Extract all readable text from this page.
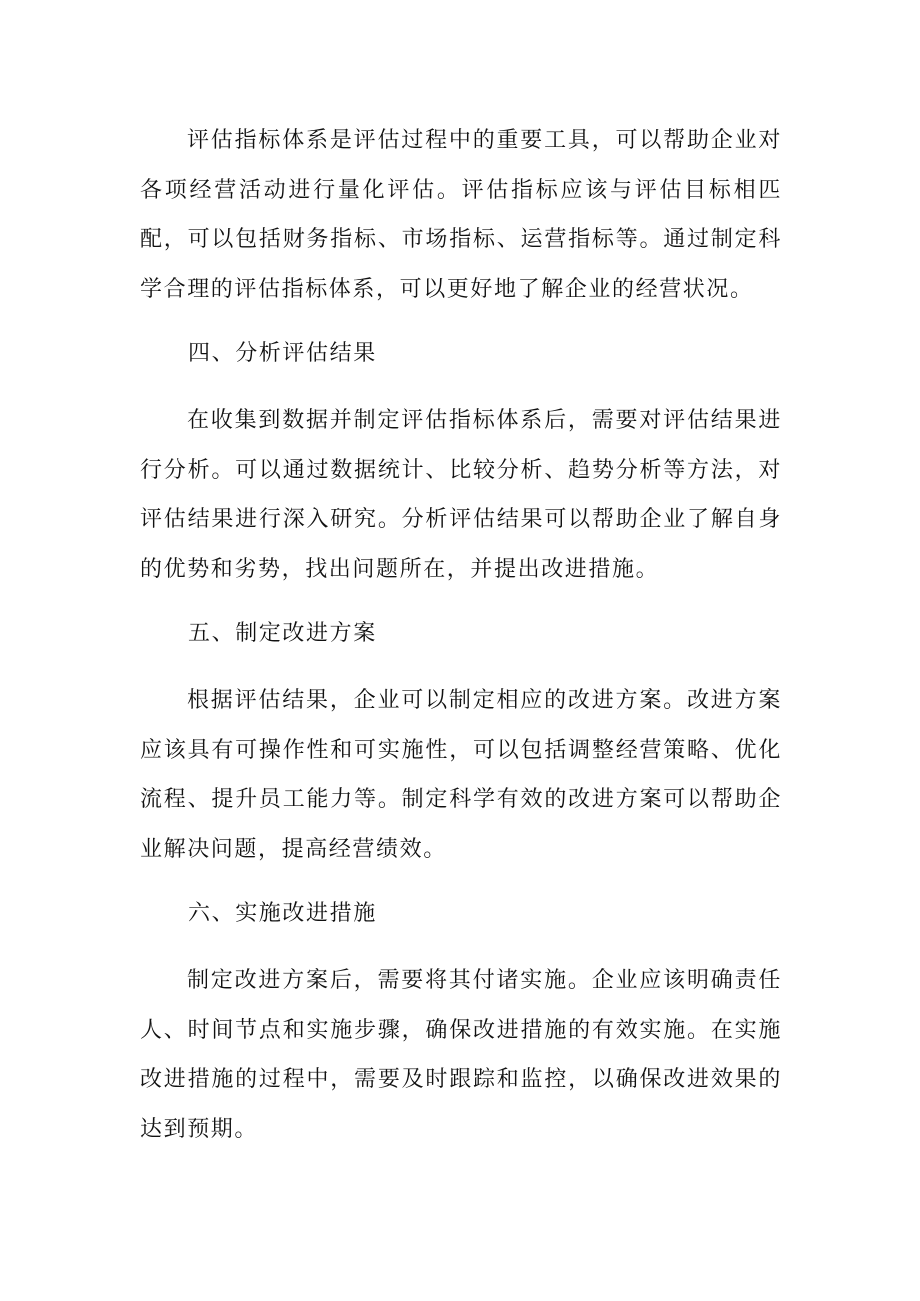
评估指标体系是评估过程中的重要工具，可以帮助企业对各项经营活动进行量化评估。评估指标应该与评估目标相匹配，可以包括财务指标、市场指标、运营指标等。通过制定科学合理的评估指标体系，可以更好地了解企业的经营状况。

四、分析评估结果

在收集到数据并制定评估指标体系后，需要对评估结果进行分析。可以通过数据统计、比较分析、趋势分析等方法，对评估结果进行深入研究。分析评估结果可以帮助企业了解自身的优势和劣势，找出问题所在，并提出改进措施。

五、制定改进方案

根据评估结果，企业可以制定相应的改进方案。改进方案应该具有可操作性和可实施性，可以包括调整经营策略、优化流程、提升员工能力等。制定科学有效的改进方案可以帮助企业解决问题，提高经营绩效。

六、实施改进措施

制定改进方案后，需要将其付诸实施。企业应该明确责任人、时间节点和实施步骤，确保改进措施的有效实施。在实施改进措施的过程中，需要及时跟踪和监控，以确保改进效果的达到预期。
